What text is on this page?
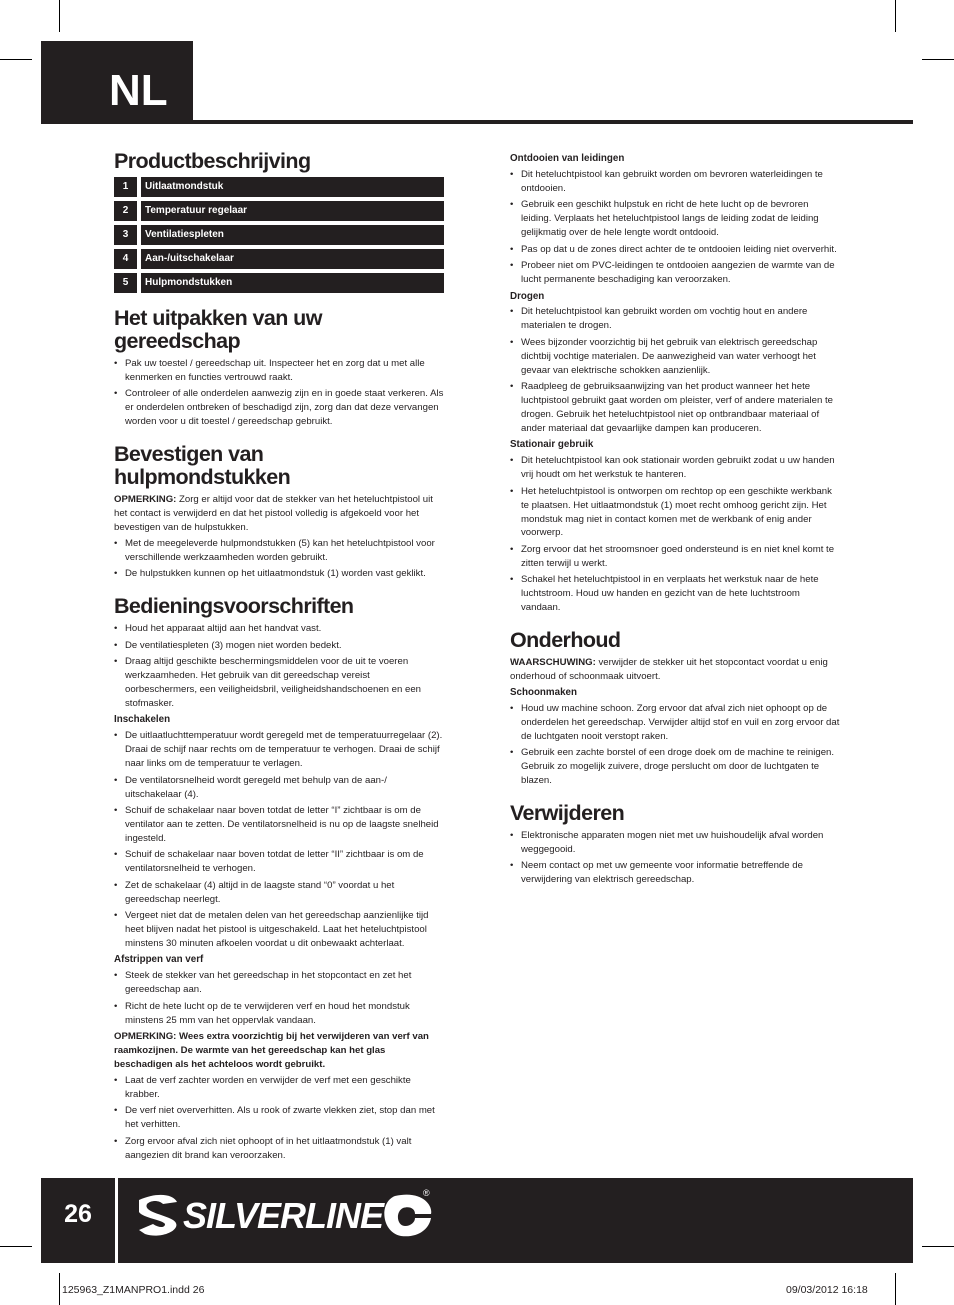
NL
Productbeschrijving
1	Uitlaatmondstuk
2	Temperatuur regelaar
3	Ventilatiespleten
4	Aan-/uitschakelaar
5	Hulpmondstukken
Het uitpakken van uw gereedschap
• Pak uw toestel / gereedschap uit. Inspecteer het en zorg dat u met alle kenmerken en functies vertrouwd raakt.
• Controleer of alle onderdelen aanwezig zijn en in goede staat verkeren. Als er onderdelen ontbreken of beschadigd zijn, zorg dan dat deze vervangen worden voor u dit toestel / gereedschap gebruikt.
Bevestigen van hulpmondstukken

OPMERKING: Zorg er altijd voor dat de stekker van het heteluchtpistool uit het contact is verwijderd en dat het pistool volledig is afgekoeld voor het bevestigen van de hulpstukken.

• Met de meegeleverde hulpmondstukken (5) kan het heteluchtpistool voor verschillende werkzaamheden worden gebruikt.
• De hulpstukken kunnen op het uitlaatmondstuk (1) worden vast geklikt.
Bedieningsvoorschriften
• Houd het apparaat altijd aan het handvat vast.
• De ventilatiespleten (3) mogen niet worden bedekt.
• Draag altijd geschikte beschermingsmiddelen voor de uit te voeren werkzaamheden. Het gebruik van dit gereedschap vereist oorbeschermers, een veiligheidsbril, veiligheidshandschoenen en een stofmasker.
Inschakelen
• De uitlaatluchttemperatuur wordt geregeld met de temperatuurregelaar (2). Draai de schijf naar rechts om de temperatuur te verhogen. Draai de schijf naar links om de temperatuur te verlagen.
• De ventilatorsnelheid wordt geregeld met behulp van de aan-/ uitschakelaar (4).
• Schuif de schakelaar naar boven totdat de letter “I” zichtbaar is om de ventilator aan te zetten. De ventilatorsnelheid is nu op de laagste snelheid ingesteld.
• Schuif de schakelaar naar boven totdat de letter “II” zichtbaar is om de ventilatorsnelheid te verhogen.
• Zet de schakelaar (4) altijd in de laagste stand “0” voordat u het gereedschap neerlegt.
• Vergeet niet dat de metalen delen van het gereedschap aanzienlijke tijd heet blijven nadat het pistool is uitgeschakeld. Laat het heteluchtpistool minstens 30 minuten afkoelen voordat u dit onbewaakt achterlaat.
Afstrippen van verf
• Steek de stekker van het gereedschap in het stopcontact en zet het gereedschap aan.
• Richt de hete lucht op de te verwijderen verf en houd het mondstuk minstens 25 mm van het oppervlak vandaan.

OPMERKING: Wees extra voorzichtig bij het verwijderen van verf van raamkozijnen. De warmte van het gereedschap kan het glas beschadigen als het achteloos wordt gebruikt.

• Laat de verf zachter worden en verwijder de verf met een geschikte krabber.
• De verf niet oververhitten. Als u rook of zwarte vlekken ziet, stop dan met het verhitten.
• Zorg ervoor afval zich niet ophoopt of in het uitlaatmondstuk (1) valt aangezien dit brand kan veroorzaken.
Ontdooien van leidingen
• Dit heteluchtpistool kan gebruikt worden om bevroren waterleidingen te ontdooien.
• Gebruik een geschikt hulpstuk en richt de hete lucht op de bevroren leiding. Verplaats het heteluchtpistool langs de leiding zodat de leiding gelijkmatig over de hele lengte wordt ontdooid.
• Pas op dat u de zones direct achter de te ontdooien leiding niet oververhit.
• Probeer niet om PVC-leidingen te ontdooien aangezien de warmte van de lucht permanente beschadiging kan veroorzaken.
Drogen
• Dit heteluchtpistool kan gebruikt worden om vochtig hout en andere materialen te drogen.
• Wees bijzonder voorzichtig bij het gebruik van elektrisch gereedschap dichtbij vochtige materialen. De aanwezigheid van water verhoogt het gevaar van elektrische schokken aanzienlijk.
• Raadpleeg de gebruiksaanwijzing van het product wanneer het hete luchtpistool gebruikt gaat worden om pleister, verf of andere materialen te drogen. Gebruik het heteluchtpistool niet op ontbrandbaar materiaal of ander materiaal dat gevaarlijke dampen kan produceren.
Stationair gebruik
• Dit heteluchtpistool kan ook stationair worden gebruikt zodat u uw handen vrij houdt om het werkstuk te hanteren.
• Het heteluchtpistool is ontworpen om rechtop op een geschikte werkbank te plaatsen. Het uitlaatmondstuk (1) moet recht omhoog gericht zijn. Het mondstuk mag niet in contact komen met de werkbank of enig ander voorwerp.
• Zorg ervoor dat het stroomsnoer goed ondersteund is en niet knel komt te zitten terwijl u werkt.
• Schakel het heteluchtpistool in en verplaats het werkstuk naar de hete luchtstroom. Houd uw handen en gezicht van de hete luchtstroom vandaan.
Onderhoud

WAARSCHUWING: verwijder de stekker uit het stopcontact voordat u enig onderhoud of schoonmaak uitvoert.

Schoonmaken
• Houd uw machine schoon. Zorg ervoor dat afval zich niet ophoopt op de onderdelen het gereedschap. Verwijder altijd stof en vuil en zorg ervoor dat de luchtgaten nooit verstopt raken.
• Gebruik een zachte borstel of een droge doek om de machine te reinigen. Gebruik zo mogelijk zuivere, droge perslucht om door de luchtgaten te blazen.
Verwijderen
• Elektronische apparaten mogen niet met uw huishoudelijk afval worden weggegooid.
• Neem contact op met uw gemeente voor informatie betreffende de verwijdering van elektrisch gereedschap.
26	SILVERLINE
®
125963_Z1MANPRO1.indd 26	09/03/2012 16:18
